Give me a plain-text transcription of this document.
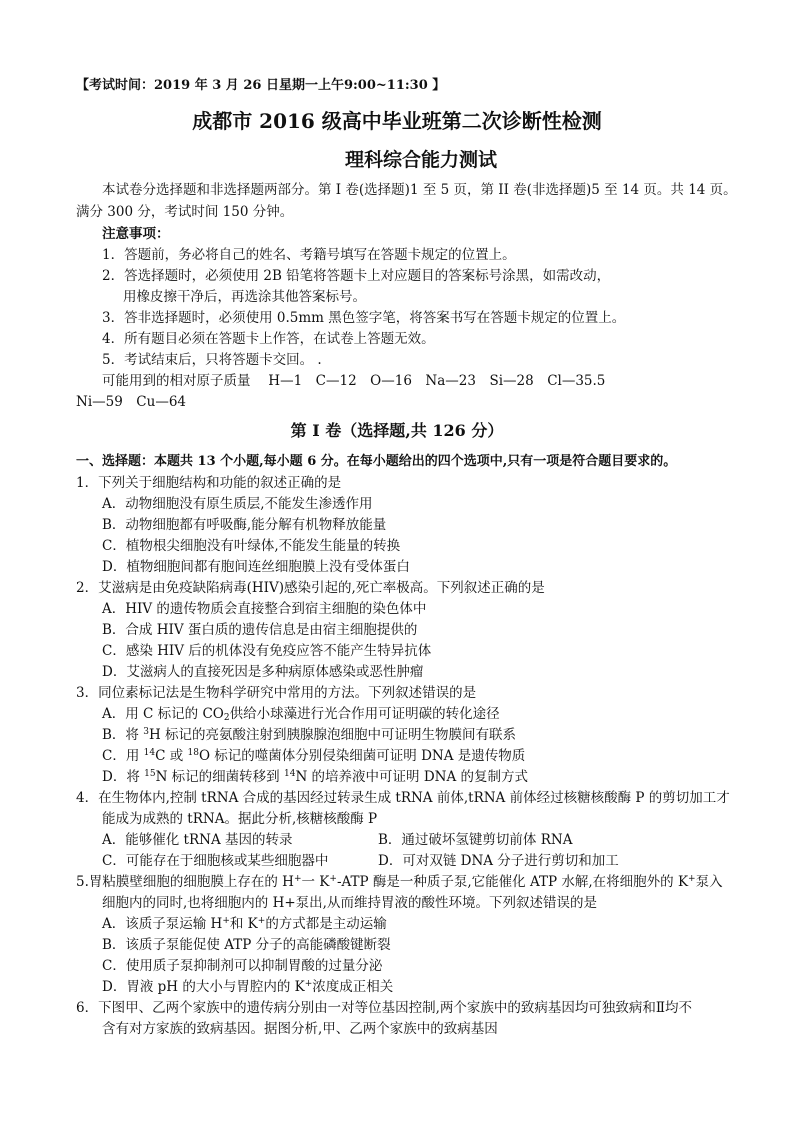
【考试时间：2019 年 3 月 26 日星期一上午9:00~11:30 】
成都市 2016 级高中毕业班第二次诊断性检测
理科综合能力测试
本试卷分选择题和非选择题两部分。第 I 卷(选择题)1 至 5 页，第 II 卷(非选择题)5 至 14 页。共 14 页。
满分 300 分，考试时间 150 分钟。
注意事项：
1．答题前，务必将自己的姓名、考籍号填写在答题卡规定的位置上。
2．答选择题时，必须使用 2B 铅笔将答题卡上对应题目的答案标号涂黑，如需改动，
用橡皮擦干净后，再选涂其他答案标号。
3．答非选择题时，必须使用 0.5mm 黑色签字笔，将答案书写在答题卡规定的位置上。
4．所有题目必须在答题卡上作答，在试卷上答题无效。
5．考试结束后，只将答题卡交回。 .
可能用到的相对原子质量　 H—1　C—12　O—16　Na—23　Si—28　Cl—35.5
Ni—59　Cu—64
第 I 卷（选择题,共 126 分）
一、选择题：本题共 13 个小题,每小题 6 分。在每小题给出的四个选项中,只有一项是符合题目要求的。
1．下列关于细胞结构和功能的叙述正确的是
A．动物细胞没有原生质层,不能发生渗透作用
B．动物细胞都有呼吸酶,能分解有机物释放能量
C．植物根尖细胞没有叶绿体,不能发生能量的转换
D．植物细胞间都有胞间连丝细胞膜上没有受体蛋白
2．艾滋病是由免疫缺陷病毒(HIV)感染引起的,死亡率极高。下列叙述正确的是
A．HIV 的遗传物质会直接整合到宿主细胞的染色体中
B．合成 HIV 蛋白质的遗传信息是由宿主细胞提供的
C．感染 HIV 后的机体没有免疫应答不能产生特异抗体
D．艾滋病人的直接死因是多种病原体感染或恶性肿瘤
3．同位素标记法是生物科学研究中常用的方法。下列叙述错误的是
A．用 C 标记的 $CO_2$供给小球藻进行光合作用可证明碳的转化途径
B．将 $^3$H 标记的亮氨酸注射到胰腺腺泡细胞中可证明生物膜间有联系
C．用 $^{14}$C 或 $^{18}$O 标记的噬菌体分别侵染细菌可证明 DNA 是遗传物质
D．将 $^{15}$N 标记的细菌转移到 $^{14}$N 的培养液中可证明 DNA 的复制方式
4．在生物体内,控制 tRNA 合成的基因经过转录生成 tRNA 前体,tRNA 前体经过核糖核酸酶 P 的剪切加工才
能成为成熟的 tRNA。据此分析,核糖核酸酶 P
A．能够催化 tRNA 基因的转录	B．通过破坏氢键剪切前体 RNA
C．可能存在于细胞核或某些细胞器中	D．可对双链 DNA 分子进行剪切和加工
5.胃粘膜壁细胞的细胞膜上存在的 H+一 K+-ATP 酶是一种质子泵,它能催化 ATP 水解,在将细胞外的 K+泵入
细胞内的同时,也将细胞内的 H+泵出,从而维持胃液的酸性环境。下列叙述错误的是
A．该质子泵运输 H+和 K+的方式都是主动运输
B．该质子泵能促使 ATP 分子的高能磷酸键断裂
C．使用质子泵抑制剂可以抑制胃酸的过量分泌
D．胃液 pH 的大小与胃腔内的 K+浓度成正相关
6．下图甲、乙两个家族中的遗传病分别由一对等位基因控制,两个家族中的致病基因均可独致病和Ⅱ均不
含有对方家族的致病基因。据图分析,甲、乙两个家族中的致病基因
